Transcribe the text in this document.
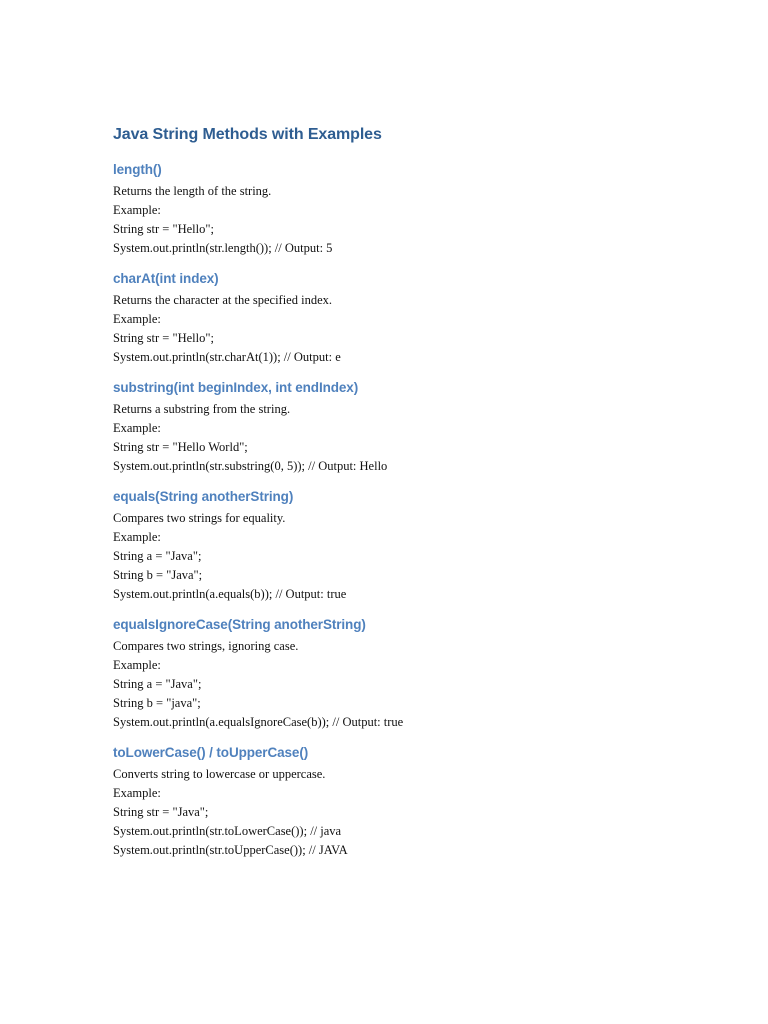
Java String Methods with Examples
length()
Returns the length of the string.
Example:
String str = "Hello";
System.out.println(str.length()); // Output: 5
charAt(int index)
Returns the character at the specified index.
Example:
String str = "Hello";
System.out.println(str.charAt(1)); // Output: e
substring(int beginIndex, int endIndex)
Returns a substring from the string.
Example:
String str = "Hello World";
System.out.println(str.substring(0, 5)); // Output: Hello
equals(String anotherString)
Compares two strings for equality.
Example:
String a = "Java";
String b = "Java";
System.out.println(a.equals(b)); // Output: true
equalsIgnoreCase(String anotherString)
Compares two strings, ignoring case.
Example:
String a = "Java";
String b = "java";
System.out.println(a.equalsIgnoreCase(b)); // Output: true
toLowerCase() / toUpperCase()
Converts string to lowercase or uppercase.
Example:
String str = "Java";
System.out.println(str.toLowerCase()); // java
System.out.println(str.toUpperCase()); // JAVA
